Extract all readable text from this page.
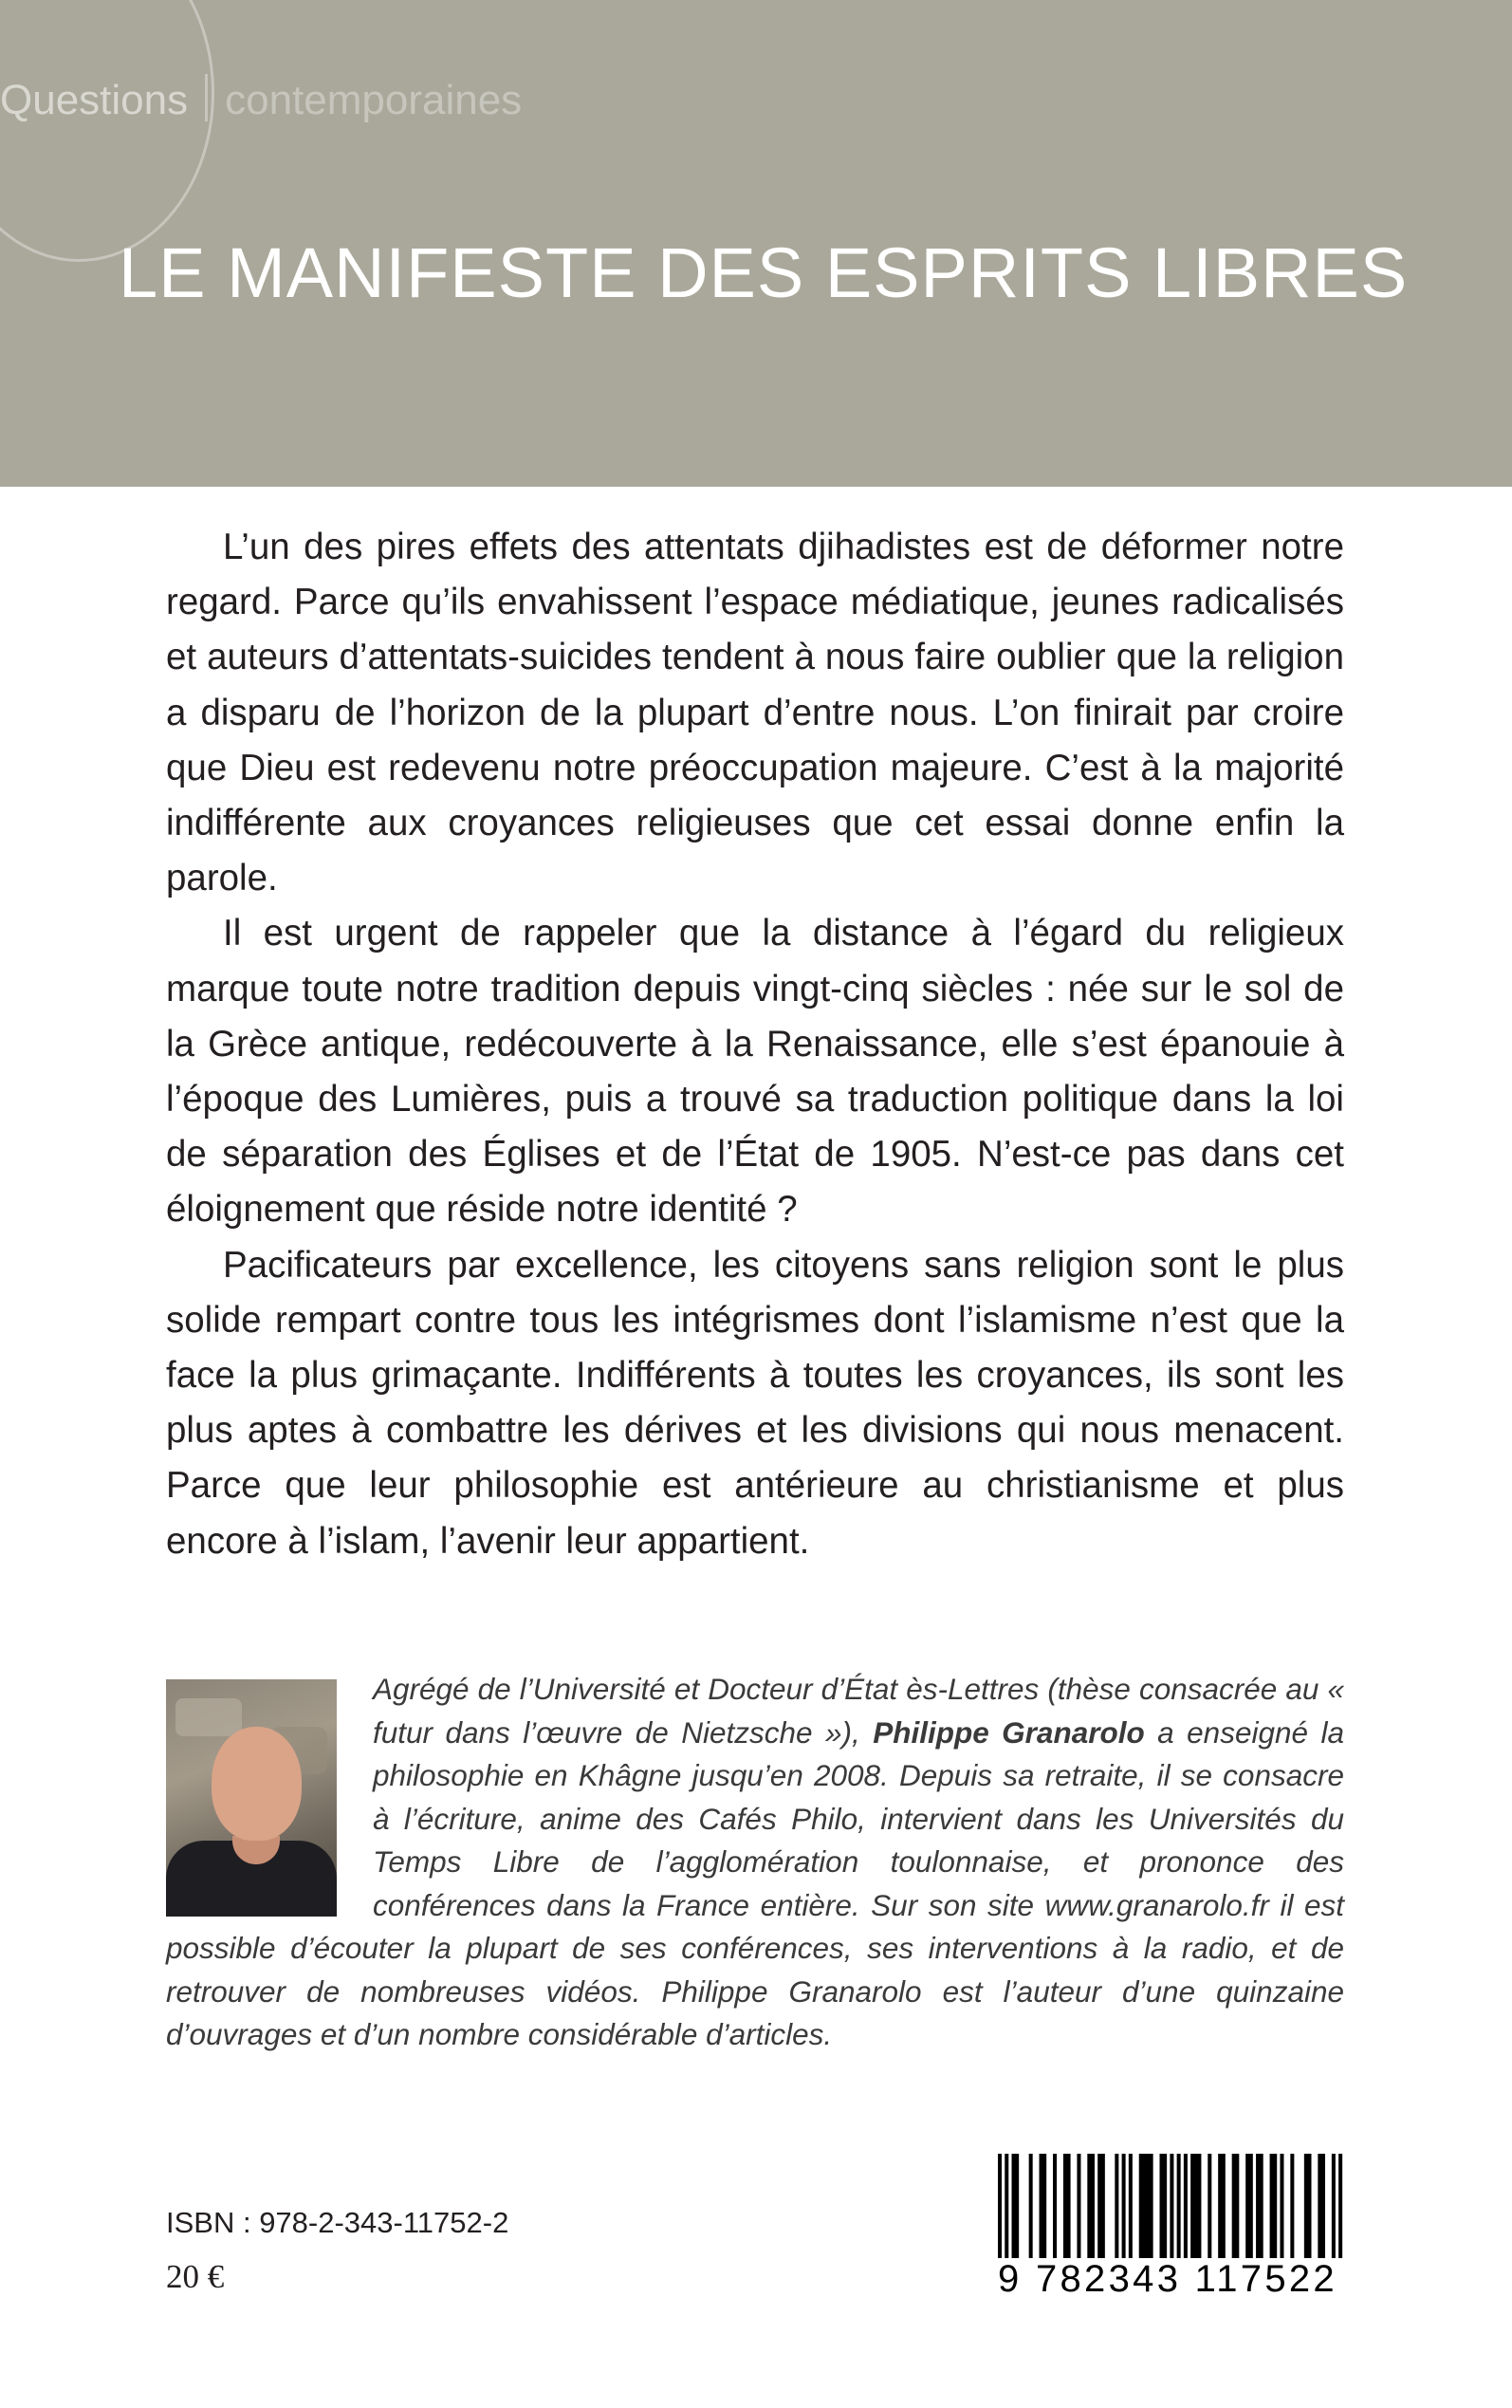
Questions contemporaines
LE MANIFESTE DES ESPRITS LIBRES

L’un des pires effets des attentats djihadistes est de déformer notre regard. Parce qu’ils envahissent l’espace médiatique, jeunes radicalisés et auteurs d’attentats-suicides tendent à nous faire oublier que la religion a disparu de l’horizon de la plupart d’entre nous. L’on finirait par croire que Dieu est redevenu notre préoccupation majeure. C’est à la majorité indifférente aux croyances religieuses que cet essai donne enfin la parole.

Il est urgent de rappeler que la distance à l’égard du religieux marque toute notre tradition depuis vingt-cinq siècles : née sur le sol de la Grèce antique, redécouverte à la Renaissance, elle s’est épanouie à l’époque des Lumières, puis a trouvé sa traduction politique dans la loi de séparation des Églises et de l’État de 1905. N’est-ce pas dans cet éloignement que réside notre identité ?

Pacificateurs par excellence, les citoyens sans religion sont le plus solide rempart contre tous les intégrismes dont l’islamisme n’est que la face la plus grimaçante. Indifférents à toutes les croyances, ils sont les plus aptes à combattre les dérives et les divisions qui nous menacent. Parce que leur philosophie est antérieure au christianisme et plus encore à l’islam, l’avenir leur appartient.

Agrégé de l’Université et Docteur d’État ès-Lettres (thèse consacrée au « futur dans l’œuvre de Nietzsche »), Philippe Granarolo a enseigné la philosophie en Khâgne jusqu’en 2008. Depuis sa retraite, il se consacre à l’écriture, anime des Cafés Philo, intervient dans les Universités du Temps Libre de l’agglomération toulonnaise, et prononce des conférences dans la France entière. Sur son site www.granarolo.fr il est possible d’écouter la plupart de ses conférences, ses interventions à la radio, et de retrouver de nombreuses vidéos. Philippe Granarolo est l’auteur d’une quinzaine d’ouvrages et d’un nombre considérable d’articles.
ISBN : 978-2-343-11752-2
20 €	9 782343 117522
